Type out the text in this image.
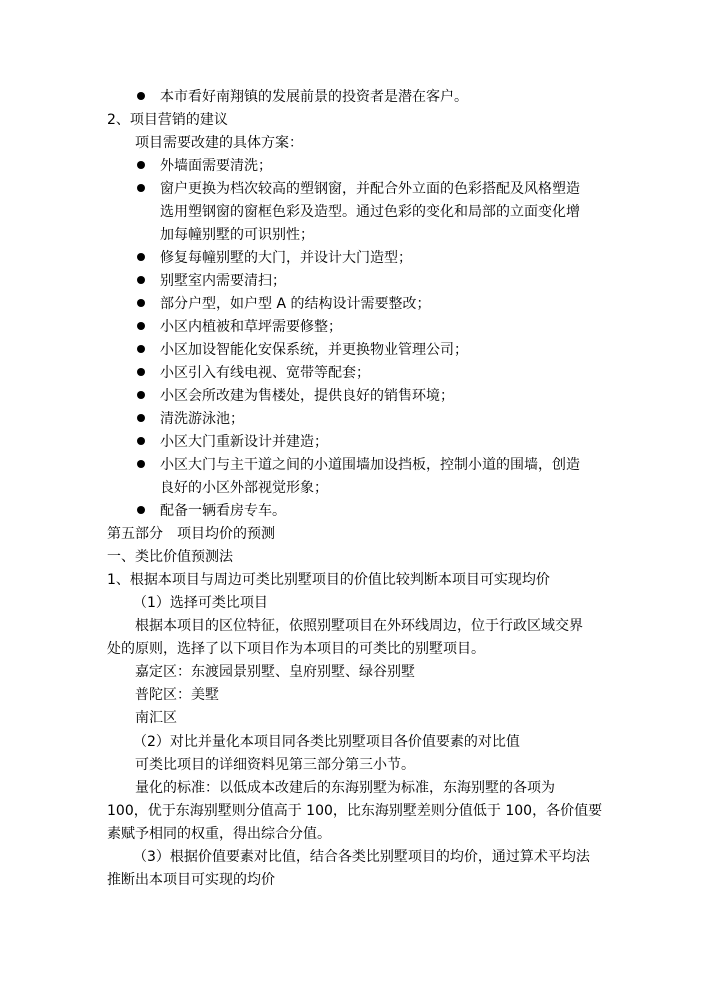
本市看好南翔镇的发展前景的投资者是潜在客户。
2、项目营销的建议
项目需要改建的具体方案：
外墙面需要清洗；
窗户更换为档次较高的塑钢窗，并配合外立面的色彩搭配及风格塑造
选用塑钢窗的窗框色彩及造型。通过色彩的变化和局部的立面变化增
加每幢别墅的可识别性；
修复每幢别墅的大门，并设计大门造型；
别墅室内需要清扫；
部分户型，如户型 A 的结构设计需要整改；
小区内植被和草坪需要修整；
小区加设智能化安保系统，并更换物业管理公司；
小区引入有线电视、宽带等配套；
小区会所改建为售楼处，提供良好的销售环境；
清洗游泳池；
小区大门重新设计并建造；
小区大门与主干道之间的小道围墙加设挡板，控制小道的围墙，创造
良好的小区外部视觉形象；
配备一辆看房专车。
第五部分　项目均价的预测
一、类比价值预测法
1、根据本项目与周边可类比别墅项目的价值比较判断本项目可实现均价
（1）选择可类比项目
根据本项目的区位特征，依照别墅项目在外环线周边，位于行政区域交界
处的原则，选择了以下项目作为本项目的可类比的别墅项目。
嘉定区：东渡园景别墅、皇府别墅、绿谷别墅
普陀区：美墅
南汇区
（2）对比并量化本项目同各类比别墅项目各价值要素的对比值
可类比项目的详细资料见第三部分第三小节。
量化的标准：以低成本改建后的东海别墅为标准，东海别墅的各项为
100，优于东海别墅则分值高于 100，比东海别墅差则分值低于 100，各价值要
素赋予相同的权重，得出综合分值。
（3）根据价值要素对比值，结合各类比别墅项目的均价，通过算术平均法
推断出本项目可实现的均价
